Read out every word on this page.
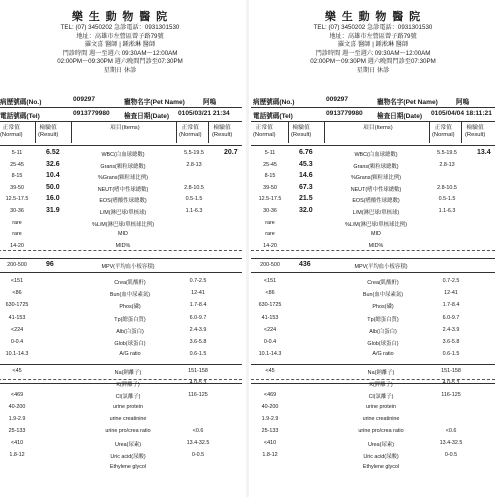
樂 生 動 物 醫 院
TEL: (07) 3450202 急診電話：0931301530
地址：高雄市左營區曾子路79號
羅文喜 醫師 | 鍾淞琳 醫師
門診時間 週一至週六 09:30AM～12:00AM
02:00PM～09:30PM 週六晚間門診至07:30PM
星期日 休診
病歷號碼(No.)	009297	寵物名字(Pet Name)	阿嗚
電話號碼(Tel)	0913779980 檢查日期(Date) 0105/03/21 21:34
正常值
(Normal)
檢驗值
(Result)
項目(Items)	正常值
(Normal)
檢驗值
(Result)
5-11	6.52	WBC(白血球總數)	5.5-19.5	20.7
25-45	32.6	Grans(顆粒球總數)	2.8-13
8-15	10.4	%Grans(顆粒球比例)
39-50	50.0	NEUT(嗜中性球總數)	2.8-10.5
12.5-17.5	16.0	EOS(嗜酸性球總數)	0.5-1.5
30-36	31.9	L/M(淋巴球/單核球)	1.1-6.3
rare	%L/M(淋巴球/單核球比例)
rare	MID
14-20	MID%
200-500	96	MPV(平均血小板容積)
<151	Crea(肌酸酐)	0.7-2.5
<86	Bun(血中尿素氮)	12-41
630-1725	Phos(磷)	1.7-8.4
41-153	Tp(總蛋白質)	6.0-9.7
<224	Alb(白蛋白)	2.4-3.9
0-0.4	Glob(球蛋白)	3.6-5.8
10.1-14.3	A/G ratio	0.6-1.5
<45	Na(鈉離子)	151-158
K(鉀離子)	4.0-5.3
<469	Cl(氯離子)	116-125
40-200	urine protein
1.9-2.9	urine creatinine
25-133	urine pro/crea ratio	<0.6
<410	Urea(尿素)	13.4-32.5
1.8-12	Uric acid(尿酸)	0-0.5
Ethylene glycol
樂 生 動 物 醫 院
TEL: (07) 3450202 急診電話：0931301530
地址：高雄市左營區曾子路79號
羅文喜 醫師 | 鍾淞琳 醫師
門診時間 週一至週六 09:30AM～12:00AM
02:00PM～09:30PM 週六晚間門診至07:30PM
星期日 休診
病歷號碼(No.)	009297	寵物名字(Pet Name)	阿嗚
電話號碼(Tel)	0913779980 檢查日期(Date) 0105/04/04 18:11:21
正常值
(Normal)
檢驗值
(Result)
項目(Items)	正常值
(Normal)
檢驗值
(Result)
5-11	6.76	WBC(白血球總數)	5.5-19.5	13.4
25-45	45.3	Grans(顆粒球總數)	2.8-13
8-15	14.6	%Grans(顆粒球比例)
39-50	67.3	NEUT(嗜中性球總數)	2.8-10.5
12.5-17.5	21.5	EOS(嗜酸性球總數)	0.5-1.5
30-36	32.0	L/M(淋巴球/單核球)	1.1-6.3
rare	%L/M(淋巴球/單核球比例)
rare	MID
14-20	MID%
200-500	436	MPV(平均血小板容積)
<151	Crea(肌酸酐)	0.7-2.5
<86	Bun(血中尿素氮)	12-41
630-1725	Phos(磷)	1.7-8.4
41-153	Tp(總蛋白質)	6.0-9.7
<224	Alb(白蛋白)	2.4-3.9
0-0.4	Glob(球蛋白)	3.6-5.8
10.1-14.3	A/G ratio	0.6-1.5
<45	Na(鈉離子)	151-158
K(鉀離子)	4.0-5.3
<469	Cl(氯離子)	116-125
40-200	urine protein
1.9-2.9	urine creatinine
25-133	urine pro/crea ratio	<0.6
<410	Urea(尿素)	13.4-32.5
1.8-12	Uric acid(尿酸)	0-0.5
Ethylene glycol
